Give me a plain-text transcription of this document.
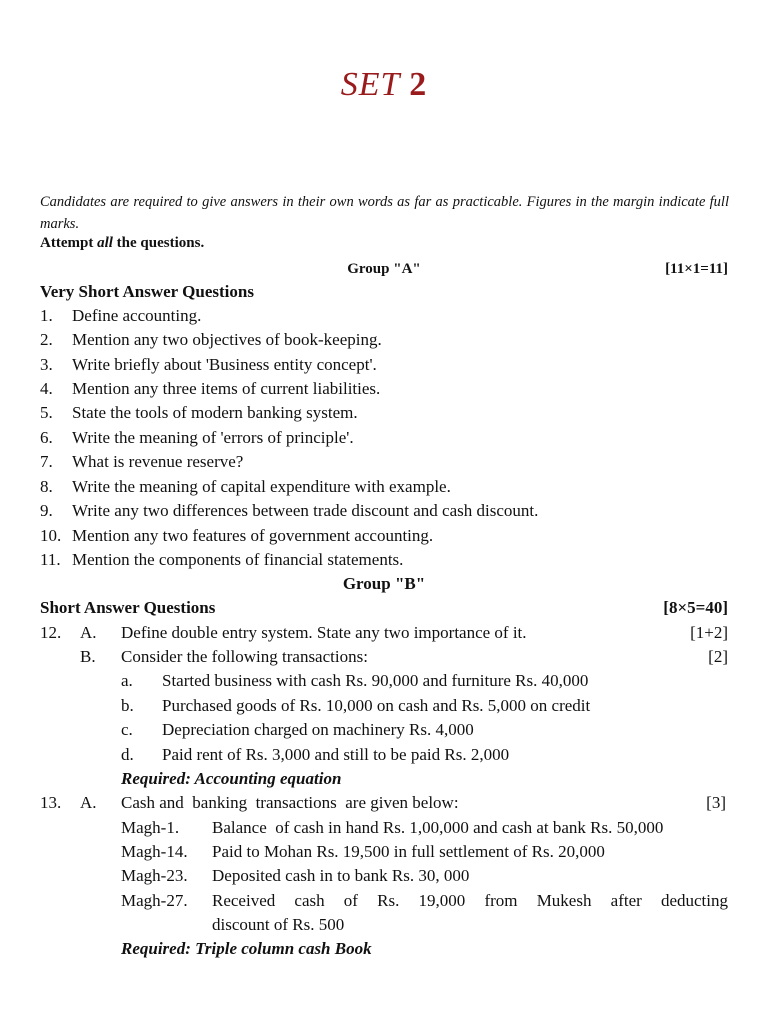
SET 2
Candidates are required to give answers in their own words as far as practicable. Figures in the margin indicate full marks.
Attempt all the questions.
Group "A"	[11×1=11]
Very Short Answer Questions
1. Define accounting.
2. Mention any two objectives of book-keeping.
3. Write briefly about 'Business entity concept'.
4. Mention any three items of current liabilities.
5. State the tools of modern banking system.
6. Write the meaning of 'errors of principle'.
7. What is revenue reserve?
8. Write the meaning of capital expenditure with example.
9. Write any two differences between trade discount and cash discount.
10. Mention any two features of government accounting.
11. Mention the components of financial statements.
Group "B"
Short Answer Questions	[8×5=40]
12. A. Define double entry system. State any two importance of it.	[1+2]
B. Consider the following transactions:	[2]
a. Started business with cash Rs. 90,000 and furniture Rs. 40,000
b. Purchased goods of Rs. 10,000 on cash and Rs. 5,000 on credit
c. Depreciation charged on machinery Rs. 4,000
d. Paid rent of Rs. 3,000 and still to be paid Rs. 2,000
Required: Accounting equation
13. A. Cash and  banking  transactions  are given below:	[3]
Magh-1. Balance  of cash in hand Rs. 1,00,000 and cash at bank Rs. 50,000
Magh-14. Paid to Mohan Rs. 19,500 in full settlement of Rs. 20,000
Magh-23. Deposited cash in to bank Rs. 30, 000
Magh-27. Received cash of Rs. 19,000 from Mukesh after deducting
discount of Rs. 500
Required: Triple column cash Book
